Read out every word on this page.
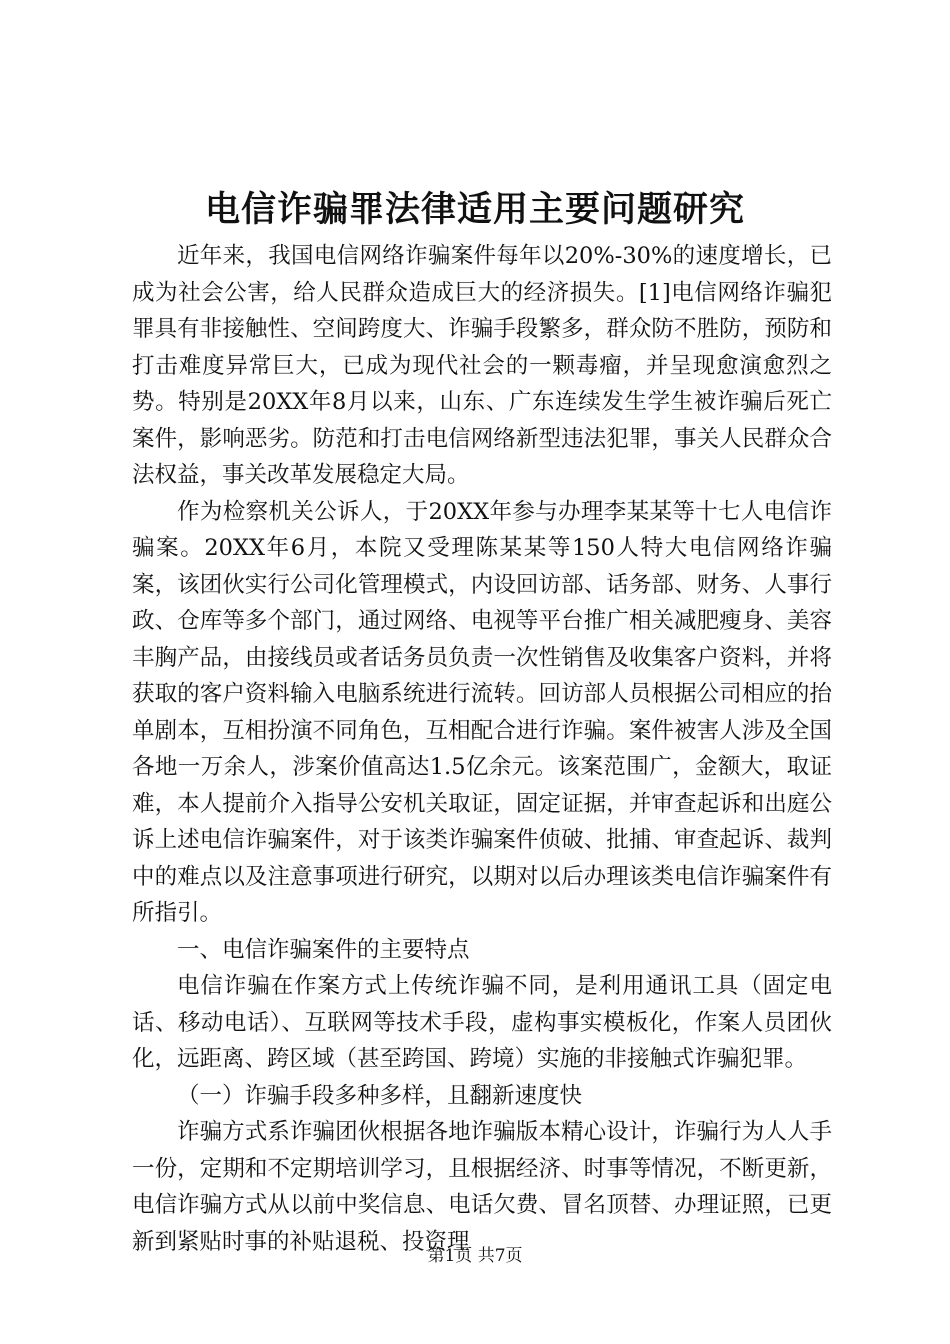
电信诈骗罪法律适用主要问题研究

近年来，我国电信网络诈骗案件每年以20%-30%的速度增长，已成为社会公害，给人民群众造成巨大的经济损失。[1]电信网络诈骗犯罪具有非接触性、空间跨度大、诈骗手段繁多，群众防不胜防，预防和打击难度异常巨大，已成为现代社会的一颗毒瘤，并呈现愈演愈烈之势。特别是20XX年8月以来，山东、广东连续发生学生被诈骗后死亡案件，影响恶劣。防范和打击电信网络新型违法犯罪，事关人民群众合法权益，事关改革发展稳定大局。

作为检察机关公诉人，于20XX年参与办理李某某等十七人电信诈骗案。20XX年6月，本院又受理陈某某等150人特大电信网络诈骗案，该团伙实行公司化管理模式，内设回访部、话务部、财务、人事行政、仓库等多个部门，通过网络、电视等平台推广相关减肥瘦身、美容丰胸产品，由接线员或者话务员负责一次性销售及收集客户资料，并将获取的客户资料输入电脑系统进行流转。回访部人员根据公司相应的抬单剧本，互相扮演不同角色，互相配合进行诈骗。案件被害人涉及全国各地一万余人，涉案价值高达1.5亿余元。该案范围广，金额大，取证难，本人提前介入指导公安机关取证，固定证据，并审查起诉和出庭公诉上述电信诈骗案件，对于该类诈骗案件侦破、批捕、审查起诉、裁判中的难点以及注意事项进行研究，以期对以后办理该类电信诈骗案件有所指引。

一、电信诈骗案件的主要特点

电信诈骗在作案方式上传统诈骗不同，是利用通讯工具（固定电话、移动电话）、互联网等技术手段，虚构事实模板化，作案人员团伙化，远距离、跨区域（甚至跨国、跨境）实施的非接触式诈骗犯罪。

（一）诈骗手段多种多样，且翻新速度快

诈骗方式系诈骗团伙根据各地诈骗版本精心设计，诈骗行为人人手一份，定期和不定期培训学习，且根据经济、时事等情况，不断更新，电信诈骗方式从以前中奖信息、电话欠费、冒名顶替、办理证照，已更新到紧贴时事的补贴退税、投资理

第1页 共7页
